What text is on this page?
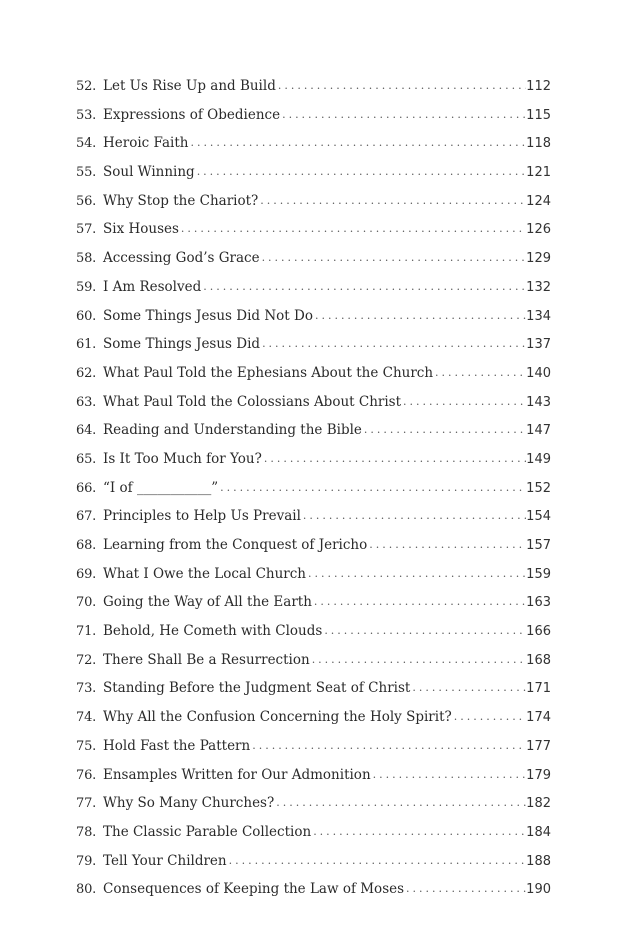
52. Let Us Rise Up and Build . . .	112
53. Expressions of Obedience . . .	115
54. Heroic Faith . . .	118
55. Soul Winning . . .	121
56. Why Stop the Chariot? . . .	124
57. Six Houses . . .	126
58. Accessing God’s Grace . . .	129
59. I Am Resolved . . .	132
60. Some Things Jesus Did Not Do . . .	134
61. Some Things Jesus Did . . .	137
62. What Paul Told the Ephesians About the Church . . .	140
63. What Paul Told the Colossians About Christ . . .	143
64. Reading and Understanding the Bible . . .	147
65. Is It Too Much for You? . . .	149
66. “I of ___________” . . .	152
67. Principles to Help Us Prevail . . .	154
68. Learning from the Conquest of Jericho . . .	157
69. What I Owe the Local Church . . .	159
70. Going the Way of All the Earth . . .	163
71. Behold, He Cometh with Clouds . . .	166
72. There Shall Be a Resurrection . . .	168
73. Standing Before the Judgment Seat of Christ . . .	171
74. Why All the Confusion Concerning the Holy Spirit? . . .	174
75. Hold Fast the Pattern . . .	177
76. Ensamples Written for Our Admonition . . .	179
77. Why So Many Churches? . . .	182
78. The Classic Parable Collection . . .	184
79. Tell Your Children . . .	188
80. Consequences of Keeping the Law of Moses . . .	190
